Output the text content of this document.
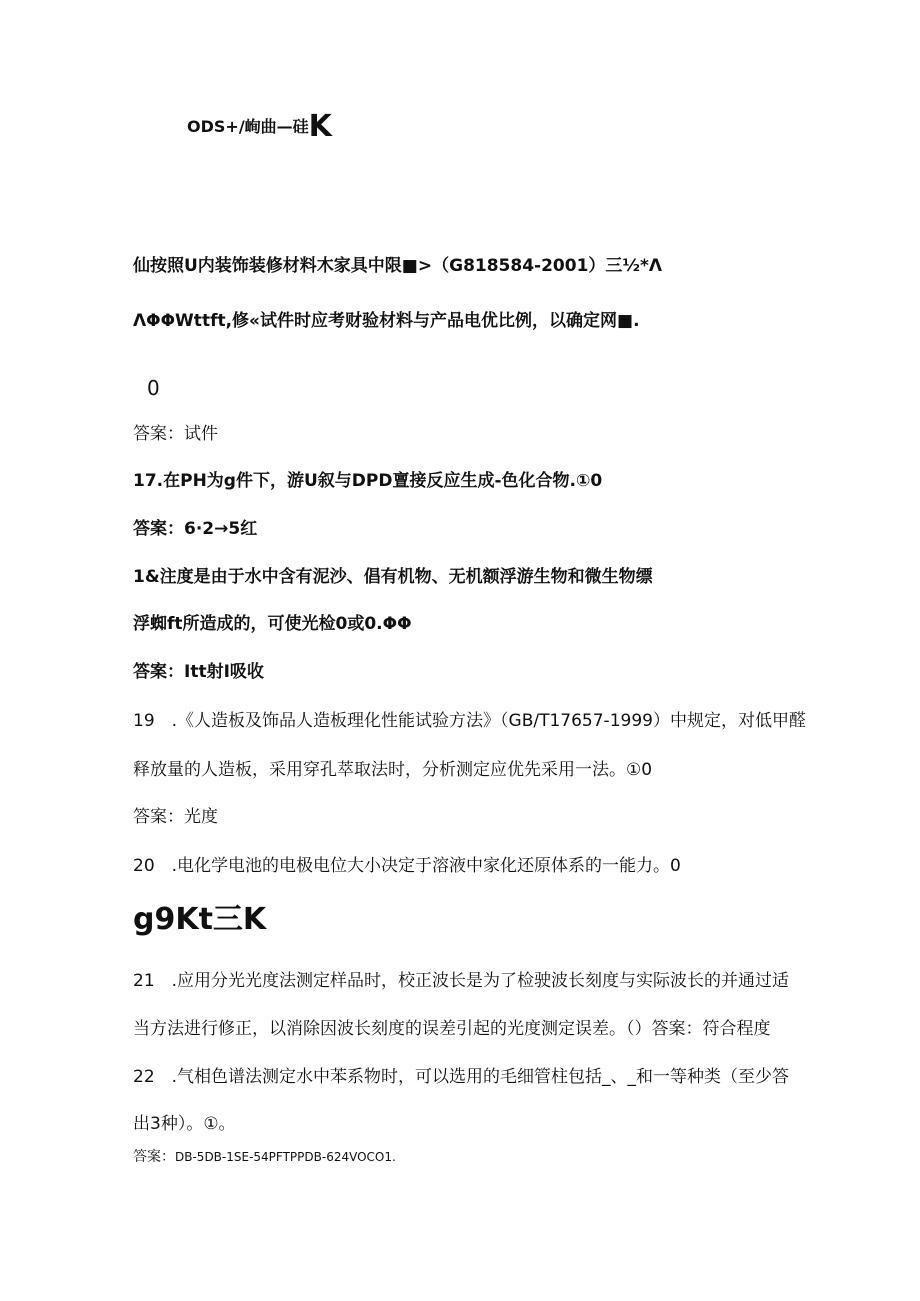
ODS+/峋曲—硅K
仙按照U内装饰装修材料木家具中限■>（G818584-2001）三½*Λ
ΛΦΦWttft,修«试件时应考财验材料与产品电优比例，以确定网■.
0
答案：试件
17.在PH为g件下，游U叙与DPD亶接反应生成-色化合物.①0
答案：6·2→5红
1&注度是由于水中含有泥沙、倡有机物、无机额浮游生物和微生物缥
浮蜘ft所造成的，可使光检0或0.ΦΦ
答案：Itt射I吸收
19　.《人造板及饰品人造板理化性能试验方法》（GB/T17657-1999）中规定，对低甲醛
释放量的人造板，采用穿孔萃取法时，分析测定应优先采用一法。①0
答案：光度
20　.电化学电池的电极电位大小决定于溶液中家化还原体系的一能力。0
g9Kt三K
21　.应用分光光度法测定样品时，校正波长是为了检驶波长刻度与实际波长的并通过适
当方法进行修正，以消除因波长刻度的误差引起的光度测定误差。（）答案：符合程度
22　.气相色谱法测定水中苯系物时，可以选用的毛细管柱包括_、_和一等种类（至少答
出3种）。①。
答案：DB-5DB-1SE-54PFTPPDB-624VOCO1.
